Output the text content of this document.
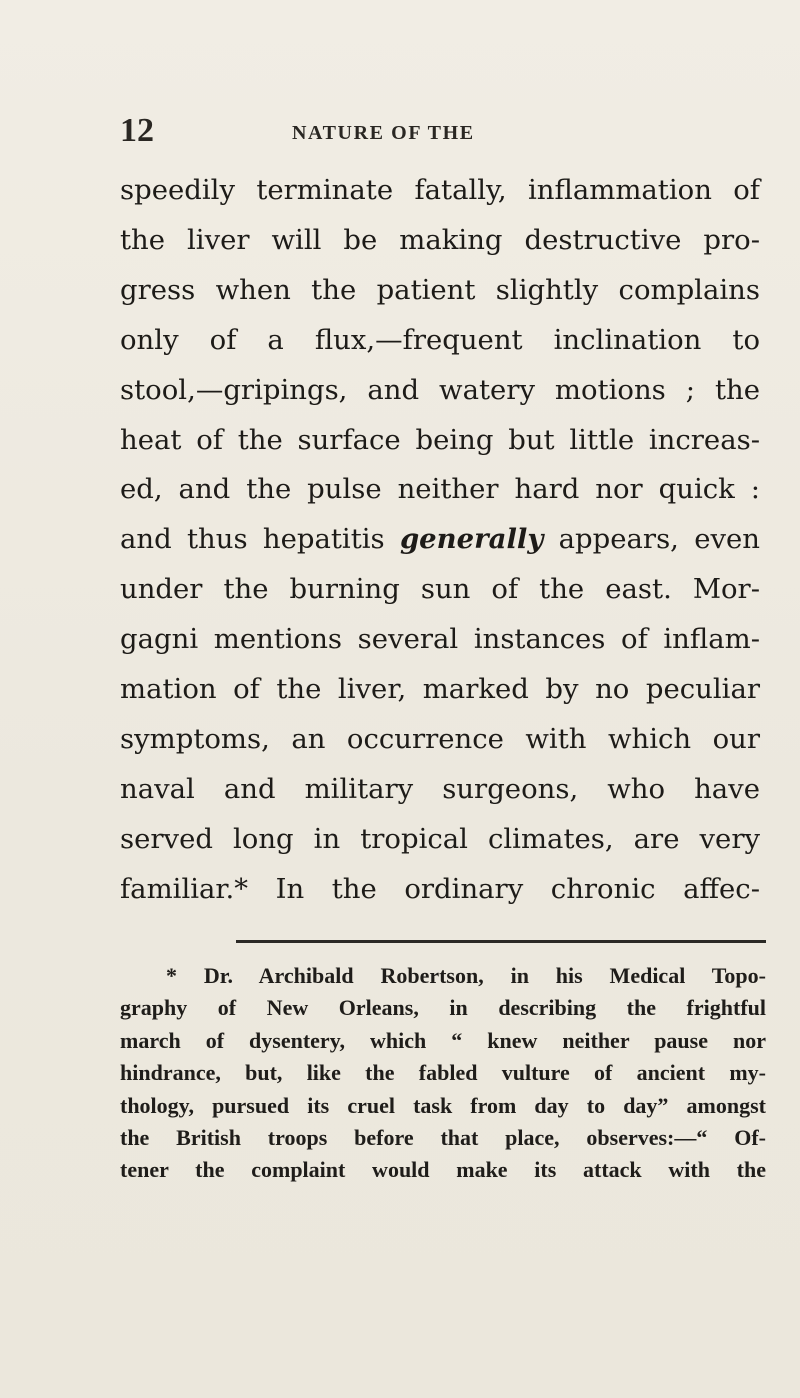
12	NATURE OF THE
speedily terminate fatally, inflammation of
the liver will be making destructive pro-
gress when the patient slightly complains
only of a flux,—frequent inclination to
stool,—gripings, and watery motions ; the
heat of the surface being but little increas-
ed, and the pulse neither hard nor quick :
and thus hepatitis generally appears, even
under the burning sun of the east. Mor-
gagni mentions several instances of inflam-
mation of the liver, marked by no peculiar
symptoms, an occurrence with which our
naval and military surgeons, who have
served long in tropical climates, are very
familiar.* In the ordinary chronic affec-
* Dr. Archibald Robertson, in his Medical Topo-
graphy of New Orleans, in describing the frightful
march of dysentery, which “ knew neither pause nor
hindrance, but, like the fabled vulture of ancient my-
thology, pursued its cruel task from day to day” amongst
the British troops before that place, observes:—“ Of-
tener the complaint would make its attack with the
